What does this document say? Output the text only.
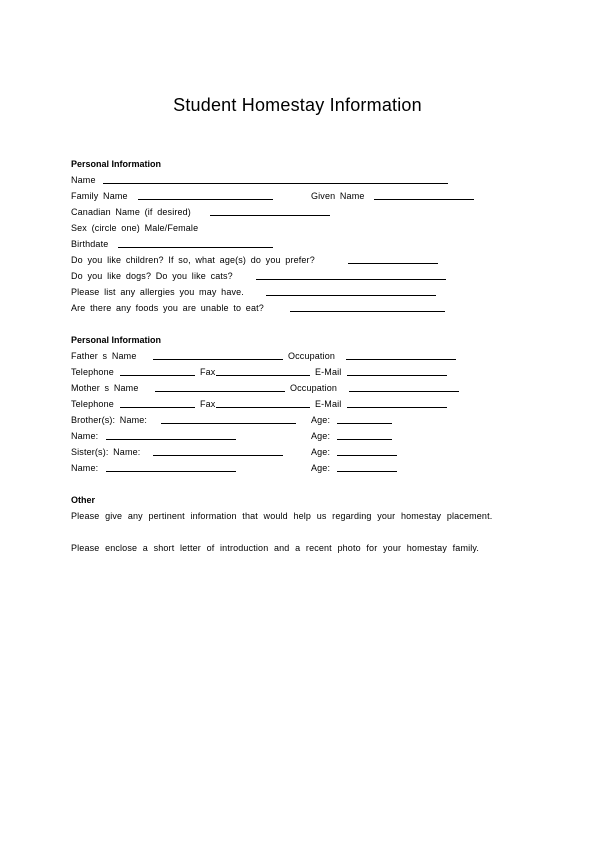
Student Homestay Information
Personal Information
Name
Family Name	Given Name
Canadian Name (if desired)
Sex (circle one) Male/Female
Birthdate
Do you like children? If so, what age(s) do you prefer?
Do you like dogs? Do you like cats?
Please list any allergies you may have.
Are there any foods you are unable to eat?
Personal Information
Father s Name	Occupation
Telephone	Fax	E-Mail
Mother s Name	Occupation
Telephone	Fax	E-Mail
Brother(s): Name:	Age:
Name:	Age:
Sister(s): Name:	Age:
Name:	Age:
Other
Please give any pertinent information that would help us regarding your homestay placement.
Please enclose a short letter of introduction and a recent photo for your homestay family.
